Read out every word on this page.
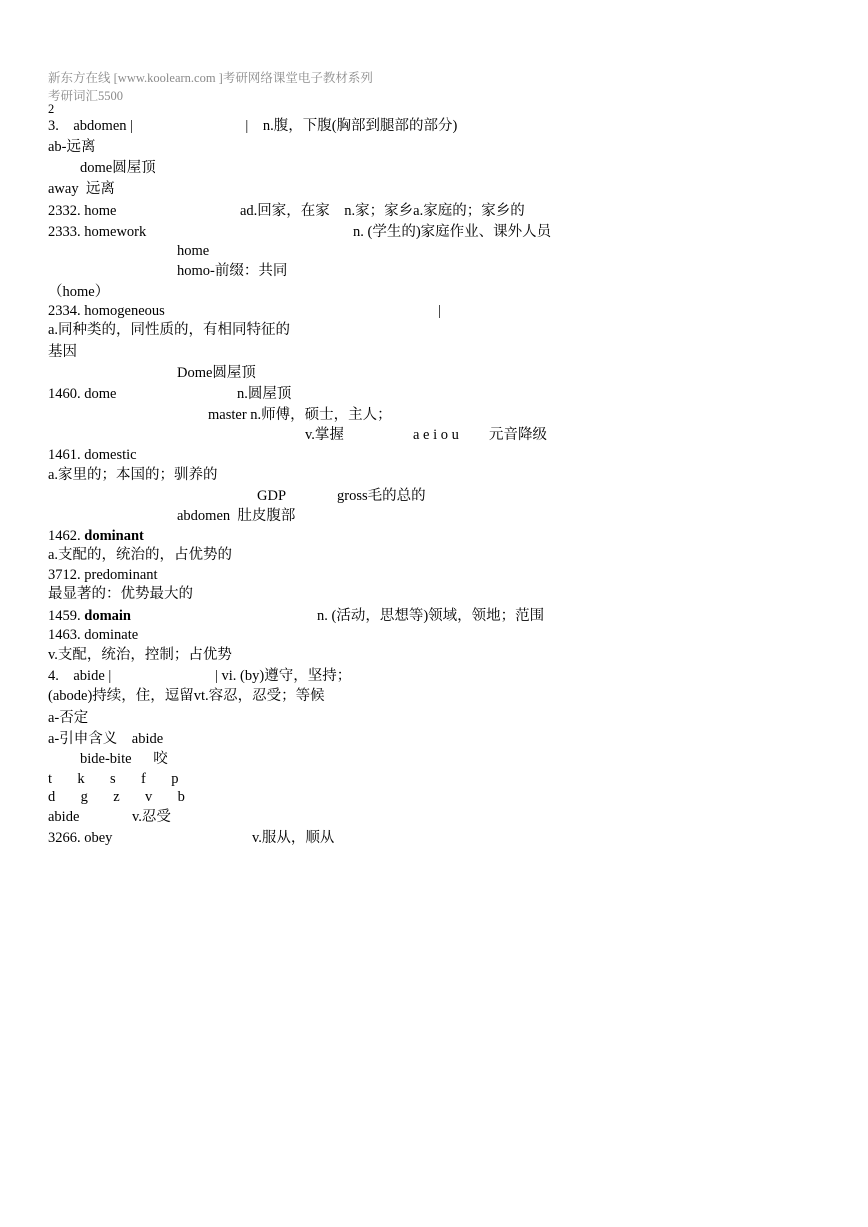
新东方在线 [www.koolearn.com ]考研网络课堂电子教材系列
考研词汇5500
2
3.    abdomen |                               |    n.腹，下腹(胸部到腿部的部分)
ab-远离
dome圆屋顶
away  远离
2332. home	ad.回家，在家    n.家；家乡a.家庭的；家乡的
2333. homework	n. (学生的)家庭作业、课外人员
home
homo-前缀：共同
（home）
2334. homogeneous	|
a.同种类的，同性质的，有相同特征的
基因
Dome圆屋顶
1460. dome	n.圆屋顶
master n.师傅，硕士，主人；
v.掌握	a e i o u 元音降级
1461. domestic
a.家里的；本国的；驯养的
GDP	gross毛的总的
abdomen  肚皮腹部
1462. dominant
a.支配的，统治的，占优势的
3712. predominant
最显著的：优势最大的
1459. domain	n. (活动，思想等)领域，领地；范围
1463. dominate
v.支配，统治，控制；占优势
4.    abide |	| vi. (by)遵守，坚持；
(abode)持续，住，逗留vt.容忍，忍受；等候
a-否定
a-引申含义    abide
bide-bite      咬
t       k       s       f       p
d       g       z       v       b
abide	v.忍受
3266. obey	v.服从，顺从
